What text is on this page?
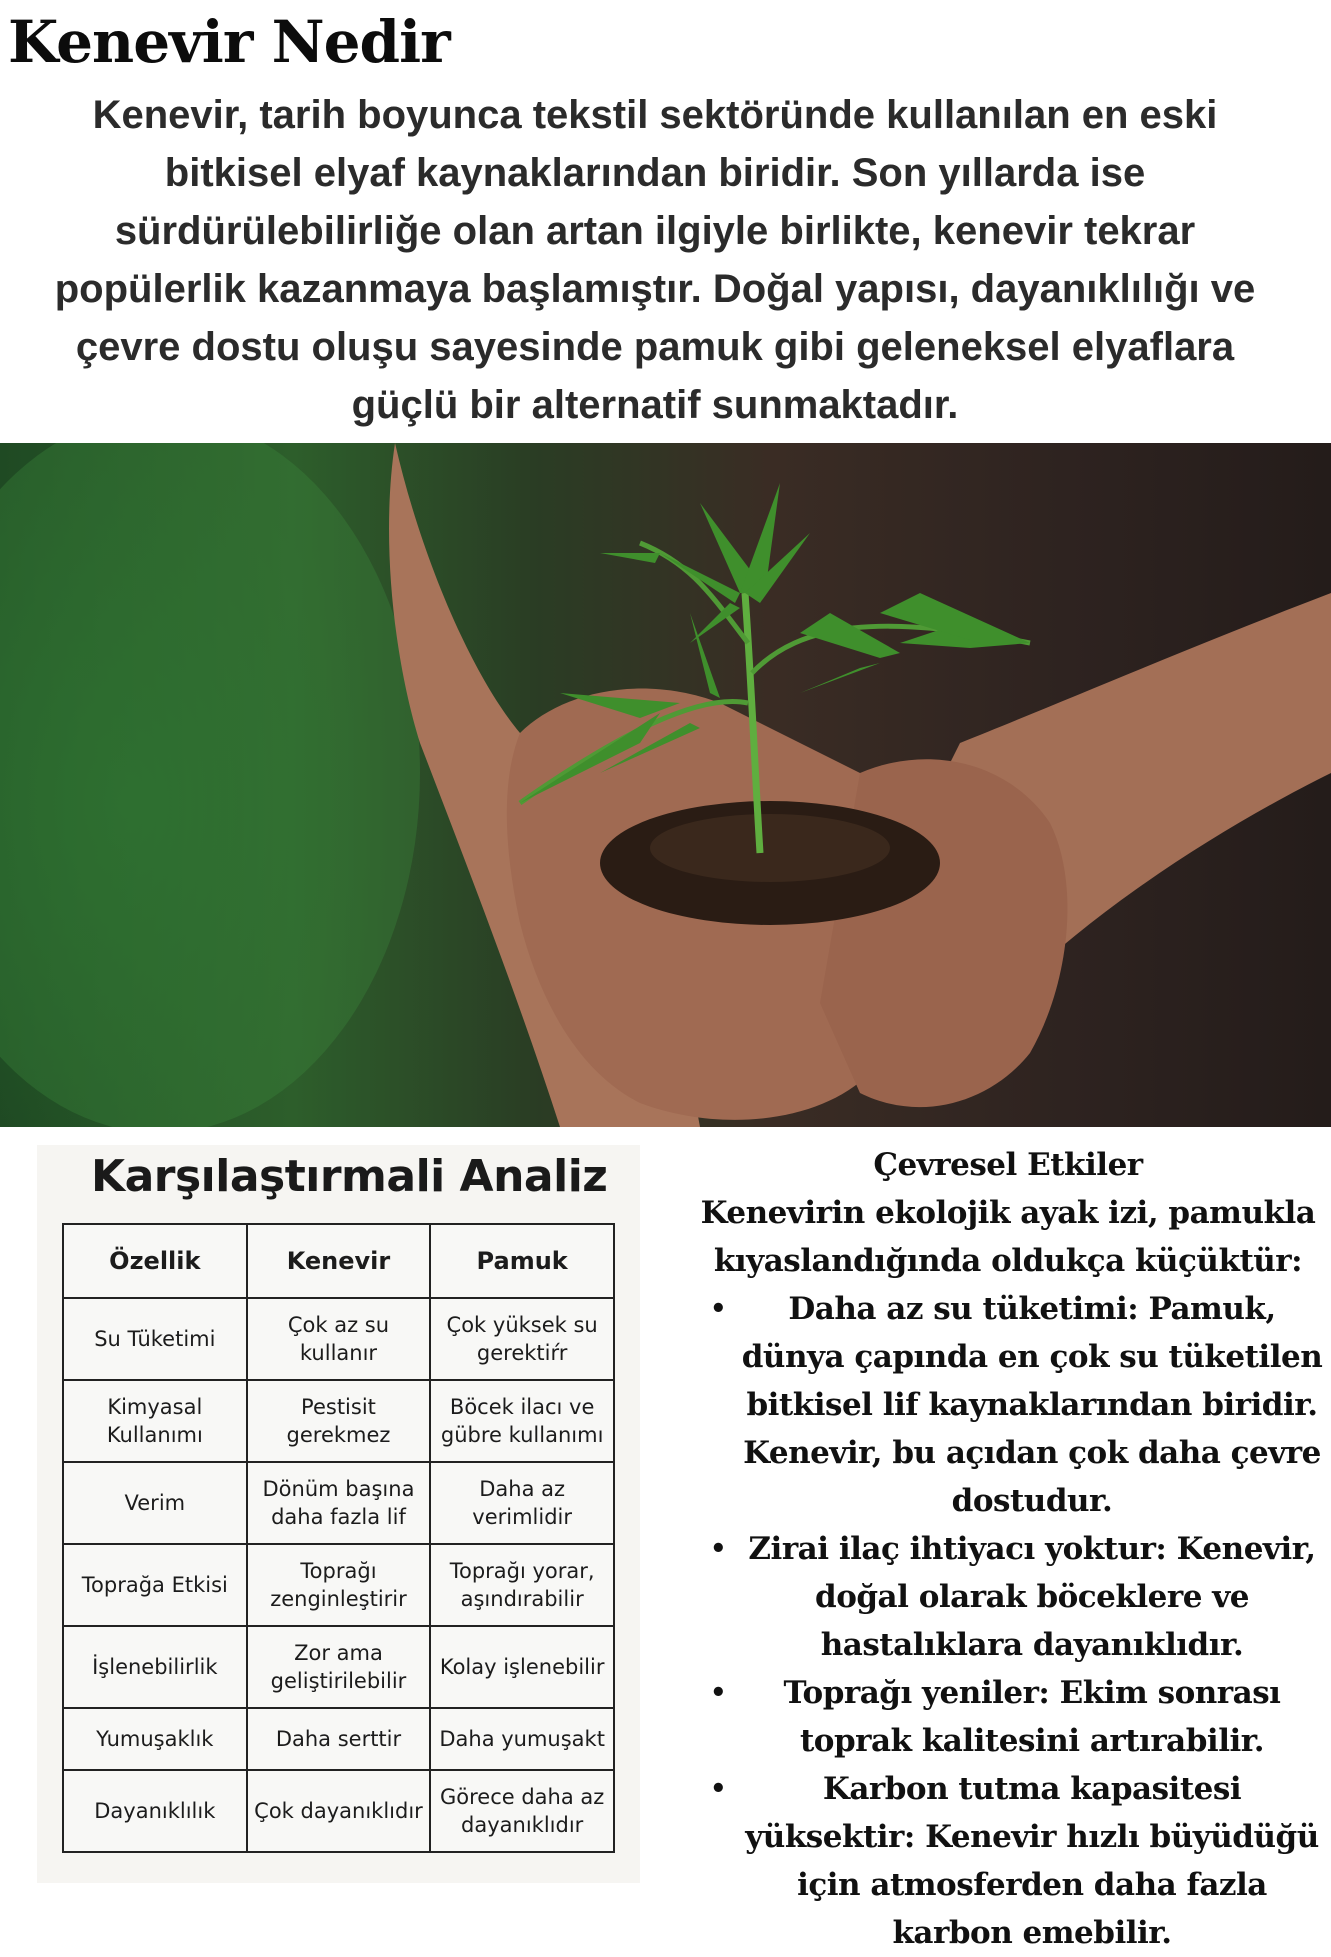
Kenevir Nedir

Kenevir, tarih boyunca tekstil sektöründe kullanılan en eski bitkisel elyaf kaynaklarından biridir. Son yıllarda ise sürdürülebilirliğe olan artan ilgiyle birlikte, kenevir tekrar popülerlik kazanmaya başlamıştır. Doğal yapısı, dayanıklılığı ve çevre dostu oluşu sayesinde pamuk gibi geleneksel elyaflara güçlü bir alternatif sunmaktadır.

Karşılaştırmali Analiz
Özellik	Kenevir	Pamuk
Su Tüketimi	Çok az su kullanır	Çok yüksek su gerektiŕr
Kimyasal Kullanımı	Pestisit gerekmez	Böcek ilacı ve gübre kullanımı
Verim	Dönüm başına daha fazla lif	Daha az verimlidir
Toprağa Etkisi	Toprağı zenginleştirir	Toprağı yorar, aşındırabilir
İşlenebilirlik	Zor ama geliştirilebilir	Kolay işlenebilir
Yumuşaklık	Daha serttir	Daha yumuşakt
Dayanıklılık	Çok dayanıklıdır	Görece daha az dayanıklıdır
Çevresel Etkiler

Kenevirin ekolojik ayak izi, pamukla kıyaslandığında oldukça küçüktür:

• Daha az su tüketimi: Pamuk, dünya çapında en çok su tüketilen bitkisel lif kaynaklarından biridir. Kenevir, bu açıdan çok daha çevre dostudur.
• Zirai ilaç ihtiyacı yoktur: Kenevir, doğal olarak böceklere ve hastalıklara dayanıklıdır.
• Toprağı yeniler: Ekim sonrası toprak kalitesini artırabilir.
•	Karbon tutma kapasitesi yüksektir: Kenevir hızlı büyüdüğü için atmosferden daha fazla karbon emebilir.
